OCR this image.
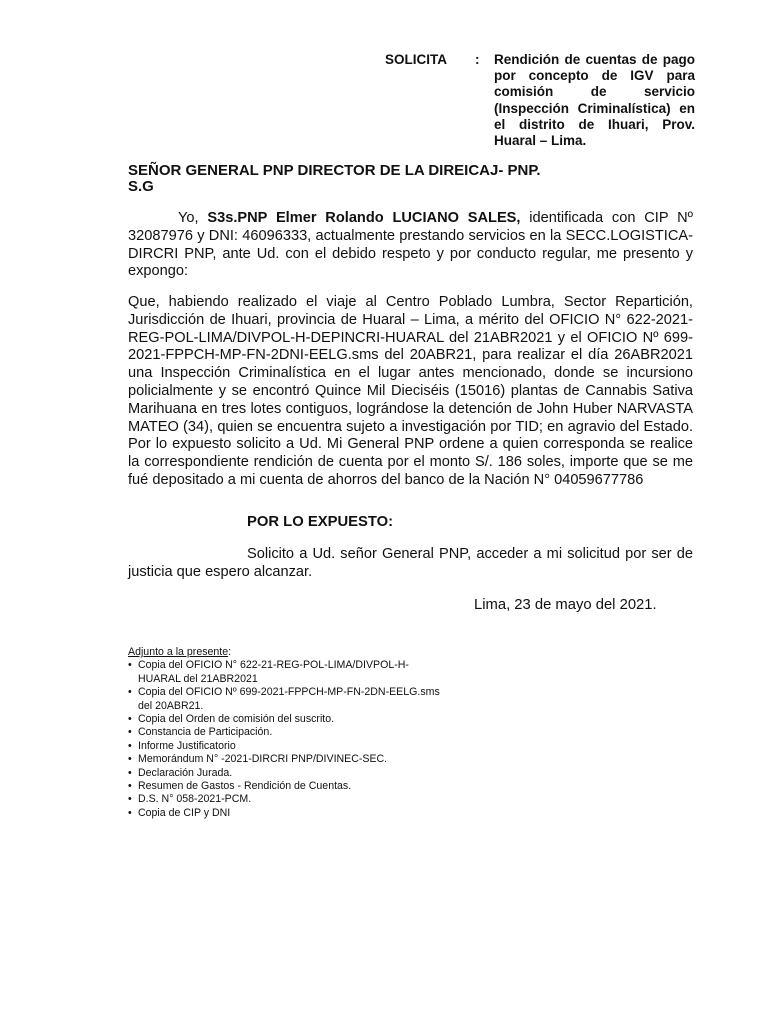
SOLICITA : Rendición de cuentas de pago por concepto de IGV para comisión de servicio (Inspección Criminalística) en el distrito de Ihuari, Prov. Huaral – Lima.
SEÑOR GENERAL PNP DIRECTOR DE LA DIREICAJ- PNP.
S.G
Yo, S3s.PNP Elmer Rolando LUCIANO SALES, identificada con CIP Nº 32087976 y DNI: 46096333, actualmente prestando servicios en la SECC.LOGISTICA-DIRCRI PNP, ante Ud. con el debido respeto y por conducto regular, me presento y expongo:
Que, habiendo realizado el viaje al Centro Poblado Lumbra, Sector Repartición, Jurisdicción de Ihuari, provincia de Huaral – Lima, a mérito del OFICIO N° 622-2021-REG-POL-LIMA/DIVPOL-H-DEPINCRI-HUARAL del 21ABR2021 y el OFICIO Nº 699-2021-FPPCH-MP-FN-2DNI-EELG.sms del 20ABR21, para realizar el día 26ABR2021 una Inspección Criminalística en el lugar antes mencionado, donde se incursiono policialmente y se encontró Quince Mil Dieciséis (15016) plantas de Cannabis Sativa Marihuana en tres lotes contiguos, lográndose la detención de John Huber NARVASTA MATEO (34), quien se encuentra sujeto a investigación por TID; en agravio del Estado. Por lo expuesto solicito a Ud. Mi General PNP ordene a quien corresponda se realice la correspondiente rendición de cuenta por el monto S/. 186 soles, importe que se me fué depositado a mi cuenta de ahorros del banco de la Nación N° 04059677786
POR LO EXPUESTO:
Solicito a Ud. señor General PNP, acceder a mi solicitud por ser de justicia que espero alcanzar.
Lima, 23 de mayo del 2021.
Adjunto a la presente:
• Copia del OFICIO N° 622-21-REG-POL-LIMA/DIVPOL-H-HUARAL del 21ABR2021
• Copia del OFICIO Nº 699-2021-FPPCH-MP-FN-2DN-EELG.sms del 20ABR21.
• Copia del Orden de comisión del suscrito.
• Constancia de Participación.
• Informe Justificatorio
• Memorándum N° -2021-DIRCRI PNP/DIVINEC-SEC.
• Declaración Jurada.
• Resumen de Gastos - Rendición de Cuentas.
• D.S. N° 058-2021-PCM.
• Copia de CIP y DNI
